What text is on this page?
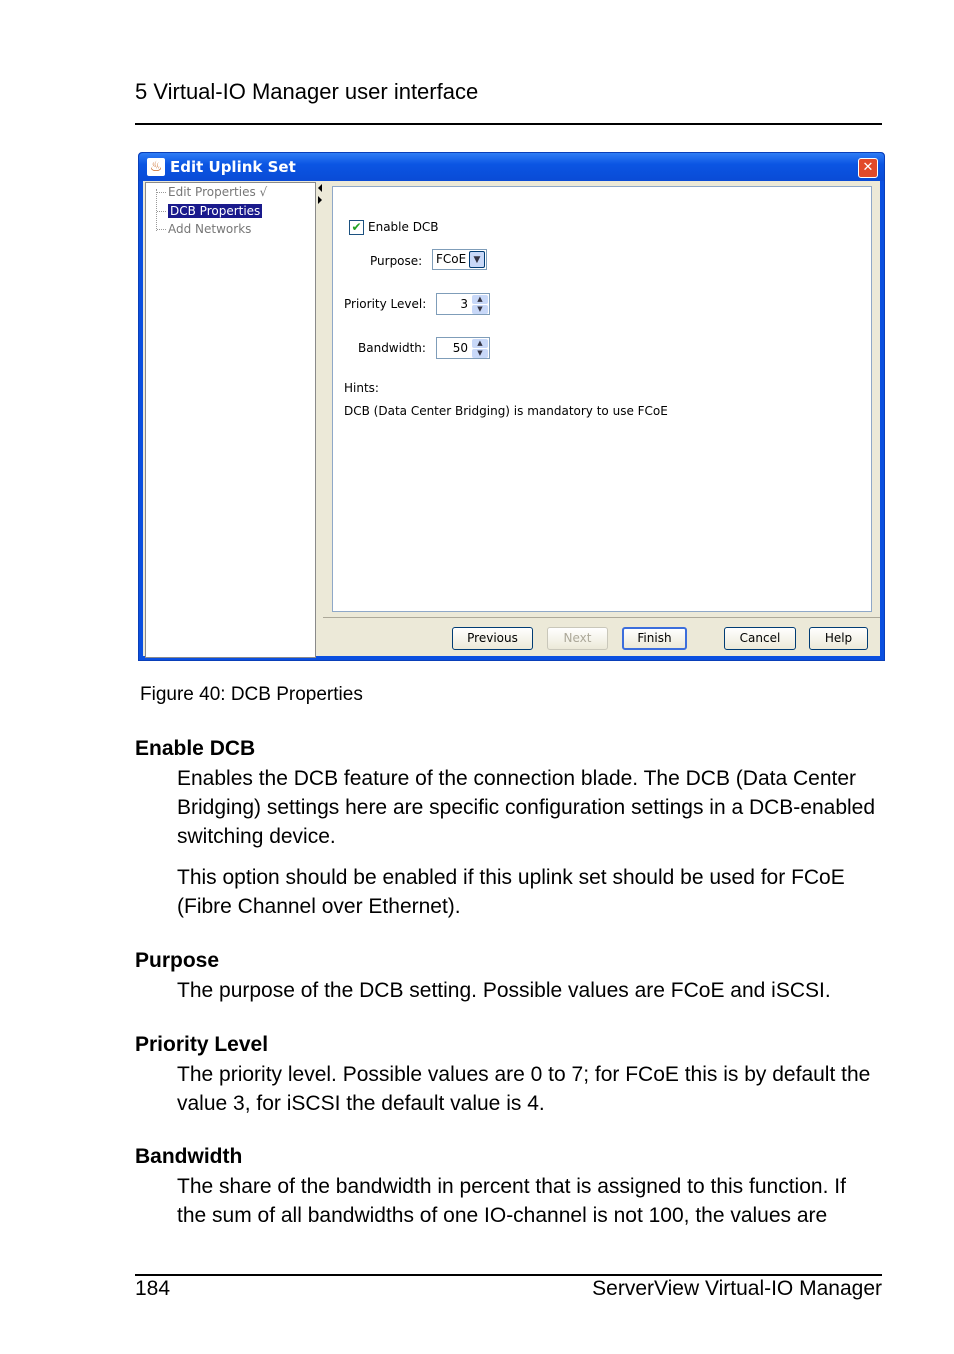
5 Virtual-IO Manager user interface
♨ Edit Uplink Set	✕
Edit Properties √
DCB Properties
Add Networks	✔ Enable DCB
Purpose: FCoE ▼
Priority Level:	3	▲
▼
Bandwidth: 50	▲
▼
Hints:
DCB (Data Center Bridging) is mandatory to use FCoE
Previous	Next	Finish	Cancel	Help
Figure 40: DCB Properties
Enable DCB
Enables the DCB feature of the connection blade. The DCB (Data Center Bridging) settings here are specific configuration settings in a DCB-enabled switching device.
This option should be enabled if this uplink set should be used for FCoE (Fibre Channel over Ethernet).
Purpose
The purpose of the DCB setting. Possible values are FCoE and iSCSI.
Priority Level
The priority level. Possible values are 0 to 7; for FCoE this is by default the value 3, for iSCSI the default value is 4.
Bandwidth
The share of the bandwidth in percent that is assigned to this function. If the sum of all bandwidths of one IO-channel is not 100, the values are
184	ServerView Virtual-IO Manager
